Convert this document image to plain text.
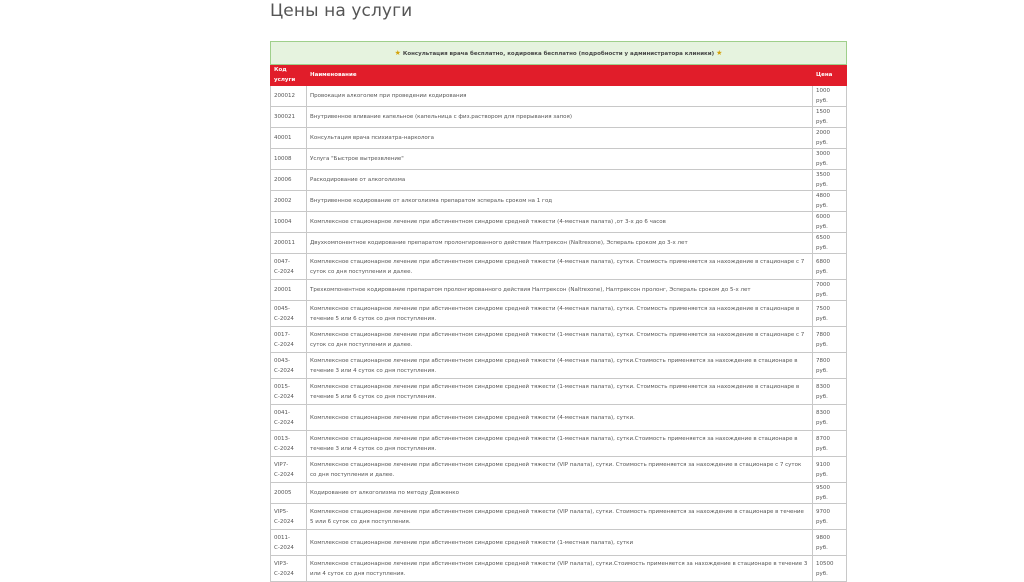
Цены на услуги
★ Консультация врача бесплатно, кодировка бесплатно (подробности у администратора клиники) ★		
Код услуги	Наименование	Цена
200012	Провокация алкоголем при проведении кодирования	1000 руб.
300021	Внутривенное вливание капельное (капельница с физ.раствором для прерывания запоя)	1500 руб.
40001	Консультация врача психиатра-нарколога	2000 руб.
10008	Услуга "Быстрое вытрезвление"	3000 руб.
20006	Раскодирование от алкоголизма	3500 руб.
20002	Внутривенное кодирование от алкоголизма препаратом эсперaль сроком на 1 год	4800 руб.
10004	Комплексное стационарное лечение при абстинентном синдроме средней тяжести (4-местная палата) ,от 3-х до 6 часов	6000 руб.
200011	Двухкомпонентное кодирование препаратом пролонгированного действия Налтрексон (Naltrexone), Эсперaль сроком до 3-х лет	6500 руб.
0047-С-2024	Комплексное стационарное лечение при абстинентном синдроме средней тяжести (4-местная палата), сутки. Стоимость применяется за нахождение в стационаре с 7 суток со дня поступления и далее.	6800 руб.
20001	Трехкомпонентное кодирование препаратом пролонгированного действия Налтрексон (Naltrexone), Налтрексон пролонг, Эсперaль сроком до 5-х лет	7000 руб.
0045-С-2024	Комплексное стационарное лечение при абстинентном синдроме средней тяжести (4-местная палата), сутки. Стоимость применяется за нахождение в стационаре в течение 5 или 6 суток со дня поступления.	7500 руб.
0017-С-2024	Комплексное стационарное лечение при абстинентном синдроме средней тяжести (1-местная палата), сутки. Стоимость применяется за нахождение в стационаре с 7 суток со дня поступления и далее.	7800 руб.
0043-С-2024	Комплексное стационарное лечение при абстинентном синдроме средней тяжести (4-местная палата), сутки.Стоимость применяется за нахождение в стационаре в течение 3 или 4 суток со дня поступления.	7800 руб.
0015-С-2024	Комплексное стационарное лечение при абстинентном синдроме средней тяжести (1-местная палата), сутки. Стоимость применяется за нахождение в стационаре в течение 5 или 6 суток со дня поступления.	8300 руб.
0041-С-2024	Комплексное стационарное лечение при абстинентном синдроме средней тяжести (4-местная палата), сутки.	8300 руб.
0013-С-2024	Комплексное стационарное лечение при абстинентном синдроме средней тяжести (1-местная палата), сутки.Стоимость применяется за нахождение в стационаре в течение 3 или 4 суток со дня поступления.	8700 руб.
VIP7-С-2024	Комплексное стационарное лечение при абстинентном синдроме средней тяжести (VIP палата), сутки. Стоимость применяется за нахождение в стационаре с 7 суток со дня поступления и далее.	9100 руб.
20005	Кодирование от алкоголизма по методу Довженко	9500 руб.
VIP5-С-2024	Комплексное стационарное лечение при абстинентном синдроме средней тяжести (VIP палата), сутки. Стоимость применяется за нахождение в стационаре в течение 5 или 6 суток со дня поступления.	9700 руб.
0011-С-2024	Комплексное стационарное лечение при абстинентном синдроме средней тяжести (1-местная палата), сутки	9800 руб.
VIP3-С-2024	Комплексное стационарное лечение при абстинентном синдроме средней тяжести (VIP палата), сутки.Стоимость применяется за нахождение в стационаре в течение 3 или 4 суток со дня поступления.	10500 руб.
